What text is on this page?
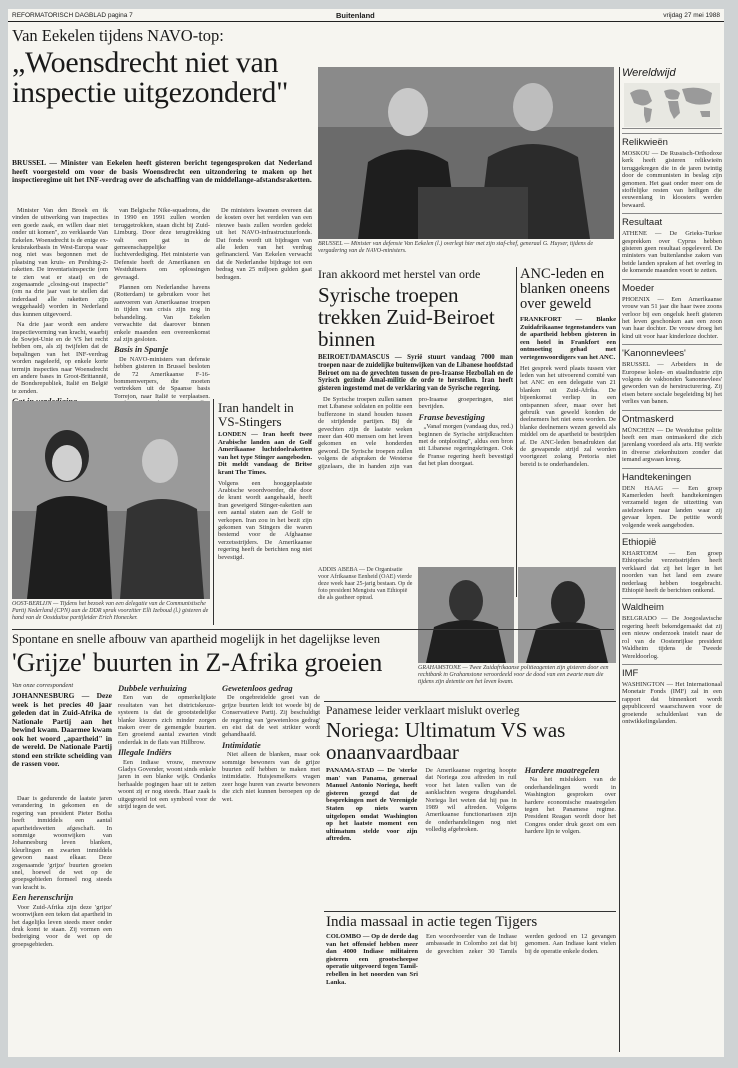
REFORMATORISCH DAGBLAD pagina 7	Buitenland	vrijdag 27 mei 1988
Van Eekelen tijdens NAVO-top:
„Woensdrecht niet van inspectie uitgezonderd"
BRUSSEL — Minister van Eekelen heeft gisteren bericht tegengesproken dat Nederland heeft voorgesteld om voor de basis Woensdrecht een uitzondering te maken op het inspectieregime uit het INF-verdrag over de afschaffing van de middellange-afstandsraketten.

Minister Van den Broek en ik vinden de uitwerking van inspecties een goede zaak, en willen daar niet onder uit komen", zo verklaarde Van Eekelen. Woensdrecht is de enige ex-kruisraketbasis in West-Europa waar nog niet was begonnen met de plaatsing van kruis- en Pershing-2-raketten. De inventarisinspectie (om te zien wat er staat) en de zogenaamde „closing-out inspectie" (om na drie jaar vast te stellen dat inderdaad alle raketten zijn weggehaald) worden in Nederland dus kunnen uitgevoerd.

Na drie jaar wordt een andere inspectievorming van kracht, waarbij de Sowjet-Unie en de VS het recht hebben om, als zij twijfelen dat de bepalingen van het INF-verdrag worden nageleefd, op enkele korte termijn inspecties naar Woensdrecht en andere bases in Groot-Brittannië, de Bondsrepubliek, Italië en België te zenden.

van Belgische Nike-squadrons, die in 1990 en 1991 zullen worden teruggetrokken, staan dicht bij Zuid-Limburg. Door deze terugtrekking valt een gat in de gemeenschappelijke luchtverdediging. Het ministerie van Defensie heeft de Amerikanen en Westduitsers om oplossingen gevraagd.

Plannen om Nederlandse havens (Rotterdam) te gebruiken voor het aanvoeren van Amerikaanse troepen in tijden van crisis zijn nog in behandeling. Van Eekelen verwachtte dat daarover binnen enkele maanden een overeenkomst zal zijn gesloten.

Basis in Spanje

De NAVO-ministers van defensie hebben gisteren in Brussel besloten de 72 Amerikaanse F-16-bommenwerpers, die moeten vertrekken uit de Spaanse basis Torrejon, naar Italië te verplaatsen.

De ministers kwamen overeen dat de kosten over het verdelen van een nieuwe basis zullen worden gedekt uit het NAVO-infrastructuurfonds. Dat fonds wordt uit bijdragen van alle leden van het verdrag gefinancierd. Van Eekelen verwacht dat de Nederlandse bijdrage tot een bedrag van 25 miljoen gulden gaat bedragen.

BRUSSEL — Minister van defensie Van Eekelen (l.) overlegt hier met zijn staf-chef, generaal G. Huyser, tijdens de vergadering van de NAVO-ministers.
OOST-BERLIJN — Tijdens het bezoek van een delegatie van de Communistische Partij Nederland (CPN) aan de DDR sprak voorzitter Elli Izeboud (l.) gisteren de hand van de Oostduitse partijleider Erich Honecker.
Iran handelt in VS-Stingers
LONDEN — Iran heeft twee Arabische landen aan de Golf Amerikaanse luchtdoelraketten van het type Stinger aangeboden. Dit meldt vandaag de Britse krant The Times.
Volgens een hooggeplaatste Arabische woordvoerder, die door de krant wordt aangehaald, heeft Iran geweigerd Stinger-raketten aan een aantal staten aan de Golf te verkopen. Iran zou in het bezit zijn gekomen van Stingers die waren bestemd voor de Afghaanse verzetsstrijders. De Amerikaanse regering heeft de berichten nog niet bevestigd.
Iran akkoord met herstel van orde
Syrische troepen trekken Zuid-Beiroet binnen
BEIROET/DAMASCUS — Syrië stuurt vandaag 7000 man troepen naar de zuidelijke buitenwijken van de Libanese hoofdstad Beiroet om na de gevechten tussen de pro-Iraanse Hezbollah en de Syrisch gezinde Amal-militie de orde te herstellen. Iran heeft gisteren ingestemd met de verklaring van de Syrische regering.

De Syrische troepen zullen samen met Libanese soldaten en politie een bufferzone in stand houden tussen de strijdende partijen. Bij de gevechten zijn de laatste weken meer dan 400 mensen om het leven gekomen en vele honderden gewond. De Syrische troepen zullen volgens de afspraken de Westerse gijzelaars, die in handen zijn van pro-Iraanse groeperingen, niet bevrijden.

Franse bevestiging

„Vanaf morgen (vandaag dus, red.) beginnen de Syrische strijdkrachten met de ontplooiing", aldus een bron uit Libanese regeringskringen. Ook de Franse regering heeft bevestigd dat het plan doorgaat.

ANC-leden en blanken oneens over geweld
FRANKFORT — Blanke Zuidafrikaanse tegenstanders van de apartheid hebben gisteren in een hotel in Frankfort een ontmoeting gehad met vertegenwoordigers van het ANC.
Het gesprek werd plaats tussen vier leden van het uitvoerend comité van het ANC en een delegatie van 21 blanken uit Zuid-Afrika. De bijeenkomst verliep in een ontspannen sfeer, maar over het gebruik van geweld konden de deelnemers het niet eens worden. De blanke deelnemers wezen geweld als middel om de apartheid te bestrijden af. De ANC-leden benadrukten dat de gewapende strijd zal worden voortgezet zolang Pretoria niet bereid is te onderhandelen.
ADDIS ABEBA — De Organisatie voor Afrikaanse Eenheid (OAE) vierde deze week haar 25-jarig bestaan. Op de foto president Mengistu van Ethiopië die als gastheer optrad.
Wereldwijd
Relikwieën
MOSKOU — De Russisch-Orthodoxe kerk heeft gisteren relikwieën teruggekregen die in de jaren twintig door de communisten in beslag zijn genomen. Het gaat onder meer om de stoffelijke resten van heiligen die eeuwenlang in kloosters werden bewaard.
Resultaat
ATHENE — De Grieks-Turkse gesprekken over Cyprus hebben gisteren geen resultaat opgeleverd. De ministers van buitenlandse zaken van beide landen spraken af het overleg in de komende maanden voort te zetten.
Moeder
PHOENIX — Een Amerikaanse vrouw van 51 jaar die haar twee zoons verloor bij een ongeluk heeft gisteren het leven geschonken aan een zoon van haar dochter. De vrouw droeg het kind uit voor haar kinderloze dochter.
'Kanonnevlees'
BRUSSEL — Arbeiders in de Europese kolen- en staalindustrie zijn volgens de vakbonden 'kanonnevlees' geworden van de herstructurering. Zij eisen betere sociale begeleiding bij het verlies van banen.
Ontmaskerd
MÜNCHEN — De Westduitse politie heeft een man ontmaskerd die zich jarenlang voordeed als arts. Hij werkte in diverse ziekenhuizen zonder dat iemand argwaan kreeg.
Handtekeningen
DEN HAAG — Een groep Kamerleden heeft handtekeningen verzameld tegen de uitzetting van asielzoekers naar landen waar zij gevaar lopen. De petitie wordt volgende week aangeboden.
Ethiopië
KHARTOEM — Een groep Ethiopische verzetsstrijders heeft verklaard dat zij het leger in het noorden van het land een zware nederlaag hebben toegebracht. Ethiopië heeft de berichten ontkend.
Waldheim
BELGRADO — De Joegoslavische regering heeft bekendgemaakt dat zij een nieuw onderzoek instelt naar de rol van de Oostenrijkse president Waldheim tijdens de Tweede Wereldoorlog.
IMF
WASHINGTON — Het Internationaal Monetair Fonds (IMF) zal in een rapport dat binnenkort wordt gepubliceerd waarschuwen voor de groeiende schuldenlast van de ontwikkelingslanden.
Spontane en snelle afbouw van apartheid mogelijk in het dagelijkse leven
'Grijze' buurten in Z-Afrika groeien
Van onze correspondent
JOHANNESBURG — Deze week is het precies 40 jaar geleden dat in Zuid-Afrika de Nationale Partij aan het bewind kwam. Daarmee kwam ook het woord „apartheid" in de wereld. De Nationale Partij stond een strikte scheiding van de rassen voor.

Daar is gedurende de laatste jaren verandering in gekomen en de regering van president Pieter Botha heeft inmiddels een aantal apartheidswetten afgeschaft. In sommige woonwijken van Johannesburg leven blanken, kleurlingen en zwarten inmiddels gewoon naast elkaar. Deze zogenaamde 'grijze' buurten groeien snel, hoewel de wet op de groepsgebieden formeel nog steeds van kracht is.

Een herenschrijn

Voor Zuid-Afrika zijn deze 'grijze' woonwijken een teken dat apartheid in het dagelijks leven steeds meer onder druk komt te staan. Zij vormen een bedreiging voor de wet op de groepsgebieden.

Dubbele verhuizing

Een van de opmerkelijkste resultaten van het districtskeuze-systeem is dat de grootstedelijke blanke kiezers zich minder zorgen maken over de gemengde buurten. Een groeiend aantal zwarten vindt onderdak in de flats van Hillbrow.

Illegale Indiërs

Een indiase vrouw, mevrouw Gladys Govender, woont sinds enkele jaren in een blanke wijk. Ondanks herhaalde pogingen haar uit te zetten woont zij er nog steeds. Haar zaak is uitgegroeid tot een symbool voor de strijd tegen de wet.

Gewetenloos gedrag

De ongebreidelde groei van de grijze buurten leidt tot woede bij de Conservatieve Partij. Zij beschuldigt de regering van 'gewetenloos gedrag' en eist dat de wet strikter wordt gehandhaafd.

Intimidatie

Niet alleen de blanken, maar ook sommige bewoners van de grijze buurten zelf hebben te maken met intimidatie. Huisjesmelkers vragen zeer hoge huren van zwarte bewoners die zich niet kunnen beroepen op de wet.

GRAHAMSTONE — Twee Zuidafrikaanse politieagenten zijn gisteren door een rechtbank in Grahamstone veroordeeld voor de dood van een zwarte man die tijdens zijn detentie om het leven kwam.
Panamese leider verklaart mislukt overleg
Noriega: Ultimatum VS was onaanvaardbaar
PANAMA-STAD — De 'sterke man' van Panama, generaal Manuel Antonio Noriega, heeft gisteren gezegd dat de besprekingen met de Verenigde Staten op niets waren uitgelopen omdat Washington op het laatste moment een ultimatum stelde voor zijn aftreden.
De Amerikaanse regering hoopte dat Noriega zou aftreden in ruil voor het laten vallen van de aanklachten wegens drugshandel. Noriega liet weten dat hij pas in 1989 wil aftreden. Volgens Amerikaanse functionarissen zijn de onderhandelingen nog niet volledig afgebroken.
Hardere maatregelen

Na het mislukken van de onderhandelingen wordt in Washington gesproken over hardere economische maatregelen tegen het Panamese regime. President Reagan wordt door het Congres onder druk gezet om een hardere lijn te volgen.

India massaal in actie tegen Tijgers
COLOMBO — Op de derde dag van het offensief hebben meer dan 4000 Indiase militairen gisteren een grootscheepse operatie uitgevoerd tegen Tamil-rebellen in het noorden van Sri Lanka.
Een woordvoerder van de Indiase ambassade in Colombo zei dat bij de gevechten zeker 30 Tamils werden gedood en 12 gevangen genomen. Aan Indiase kant vielen bij de operatie enkele doden.
